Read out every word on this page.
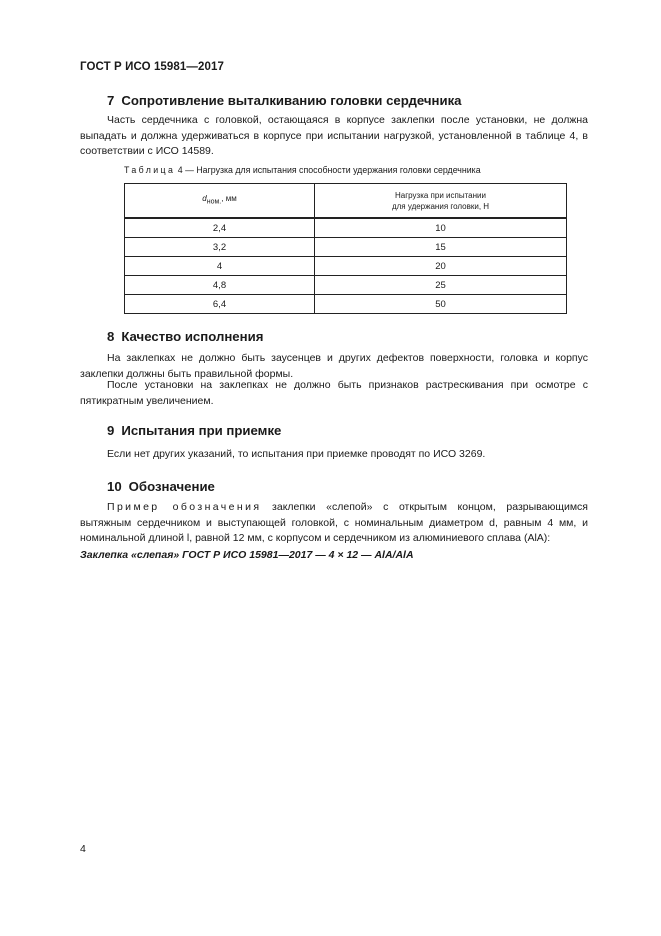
ГОСТ Р ИСО 15981—2017
7 Сопротивление выталкиванию головки сердечника

Часть сердечника с головкой, остающаяся в корпусе заклепки после установки, не должна выпадать и должна удерживаться в корпусе при испытании нагрузкой, установленной в таблице 4, в соответствии с ИСО 14589.

Таблица 4 — Нагрузка для испытания способности удержания головки сердечника
$d_{ном.}$, мм	Нагрузка при испытании
для удержания головки, Н
2,4	10
3,2	15
4	20
4,8	25
6,4	50
8 Качество исполнения

На заклепках не должно быть заусенцев и других дефектов поверхности, головка и корпус заклепки должны быть правильной формы.

После установки на заклепках не должно быть признаков растрескивания при осмотре с пятикратным увеличением.

9 Испытания при приемке

Если нет других указаний, то испытания при приемке проводят по ИСО 3269.

10 Обозначение

Пример обозначения заклепки «слепой» с открытым концом, разрывающимся вытяжным сердечником и выступающей головкой, с номинальным диаметром d, равным 4 мм, и номинальной длиной l, равной 12 мм, с корпусом и сердечником из алюминиевого сплава (AlA):

Заклепка «слепая» ГОСТ Р ИСО 15981—2017 — 4 × 12 — AlA/AlA
4
